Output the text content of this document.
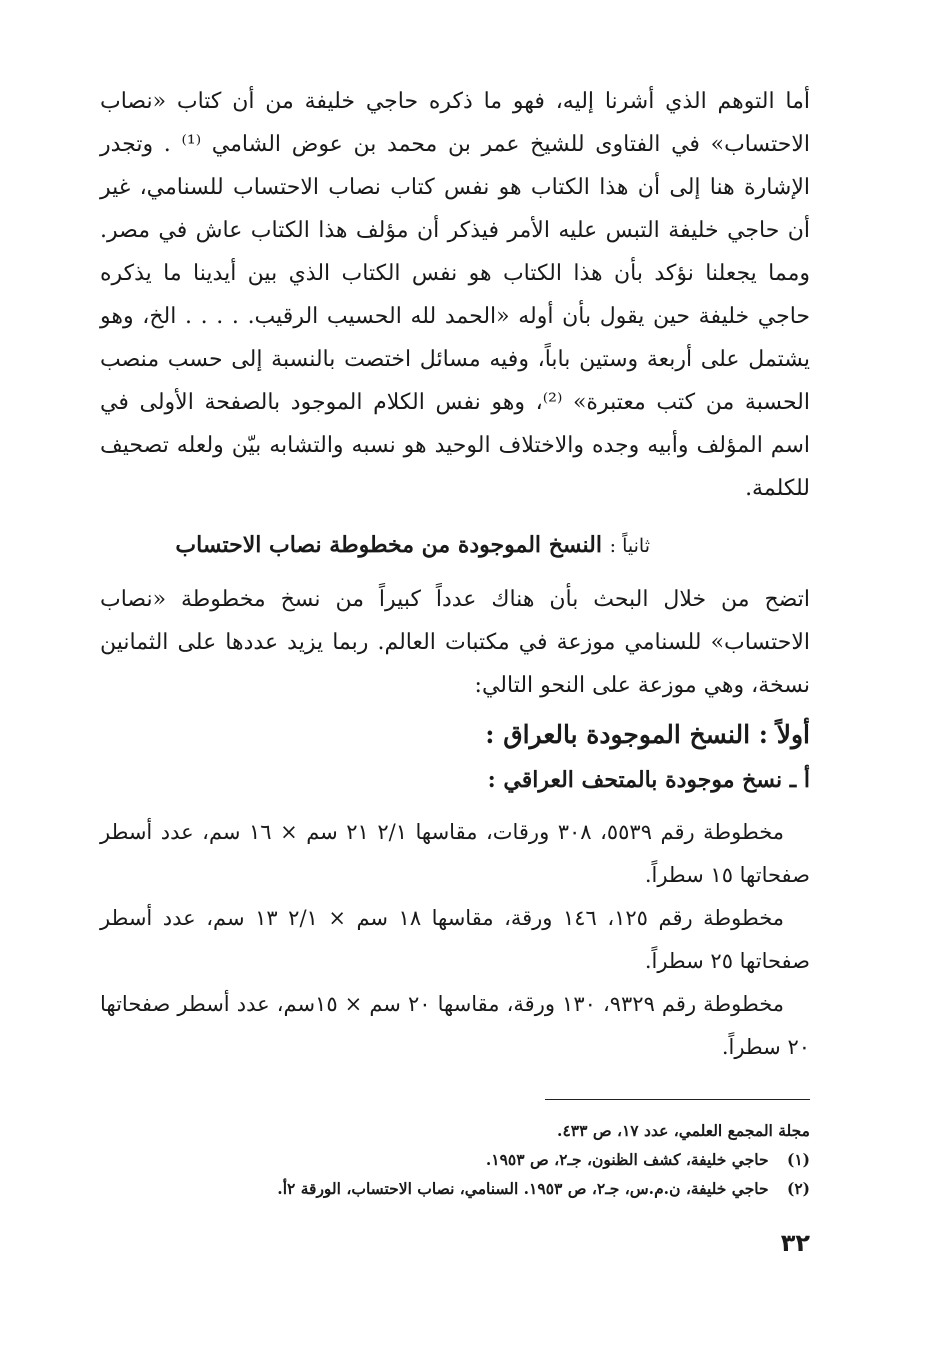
أما التوهم الذي أشرنا إليه، فهو ما ذكره حاجي خليفة من أن كتاب «نصاب الاحتساب» في الفتاوى للشيخ عمر بن محمد بن عوض الشامي ⁽¹⁾ . وتجدر الإشارة هنا إلى أن هذا الكتاب هو نفس كتاب نصاب الاحتساب للسنامي، غير أن حاجي خليفة التبس عليه الأمر فيذكر أن مؤلف هذا الكتاب عاش في مصر. ومما يجعلنا نؤكد بأن هذا الكتاب هو نفس الكتاب الذي بين أيدينا ما يذكره حاجي خليفة حين يقول بأن أوله «الحمد لله الحسيب الرقيب. . . . . الخ، وهو يشتمل على أربعة وستين باباً، وفيه مسائل اختصت بالنسبة إلى حسب منصب الحسبة من كتب معتبرة» ⁽²⁾، وهو نفس الكلام الموجود بالصفحة الأولى في اسم المؤلف وأبيه وجده والاختلاف الوحيد هو نسبه والتشابه بيّن ولعله تصحيف للكلمة.

ثانياً : النسخ الموجودة من مخطوطة نصاب الاحتساب

اتضح من خلال البحث بأن هناك عدداً كبيراً من نسخ مخطوطة «نصاب الاحتساب» للسنامي موزعة في مكتبات العالم. ربما يزيد عددها على الثمانين نسخة، وهي موزعة على النحو التالي:

أولاً : النسخ الموجودة بالعراق :
أ ـ نسخ موجودة بالمتحف العراقي :

مخطوطة رقم ٥٥٣٩، ٣٠٨ ورقات، مقاسها ٢/١ ٢١ سم × ١٦ سم، عدد أسطر صفحاتها ١٥ سطراً.

مخطوطة رقم ١٢٥، ١٤٦ ورقة، مقاسها ١٨ سم × ٢/١ ١٣ سم، عدد أسطر صفحاتها ٢٥ سطراً.

مخطوطة رقم ٩٣٢٩، ١٣٠ ورقة، مقاسها ٢٠ سم × ١٥سم، عدد أسطر صفحاتها ٢٠ سطراً.

مجلة المجمع العلمي، عدد ١٧، ص ٤٣٣.

(١) حاجي خليفة، كشف الظنون، جـ٢، ص ١٩٥٣.

(٢) حاجي خليفة، ن.م.س، جـ٢، ص ١٩٥٣. السنامي، نصاب الاحتساب، الورقة ٢أ.

٣٢
